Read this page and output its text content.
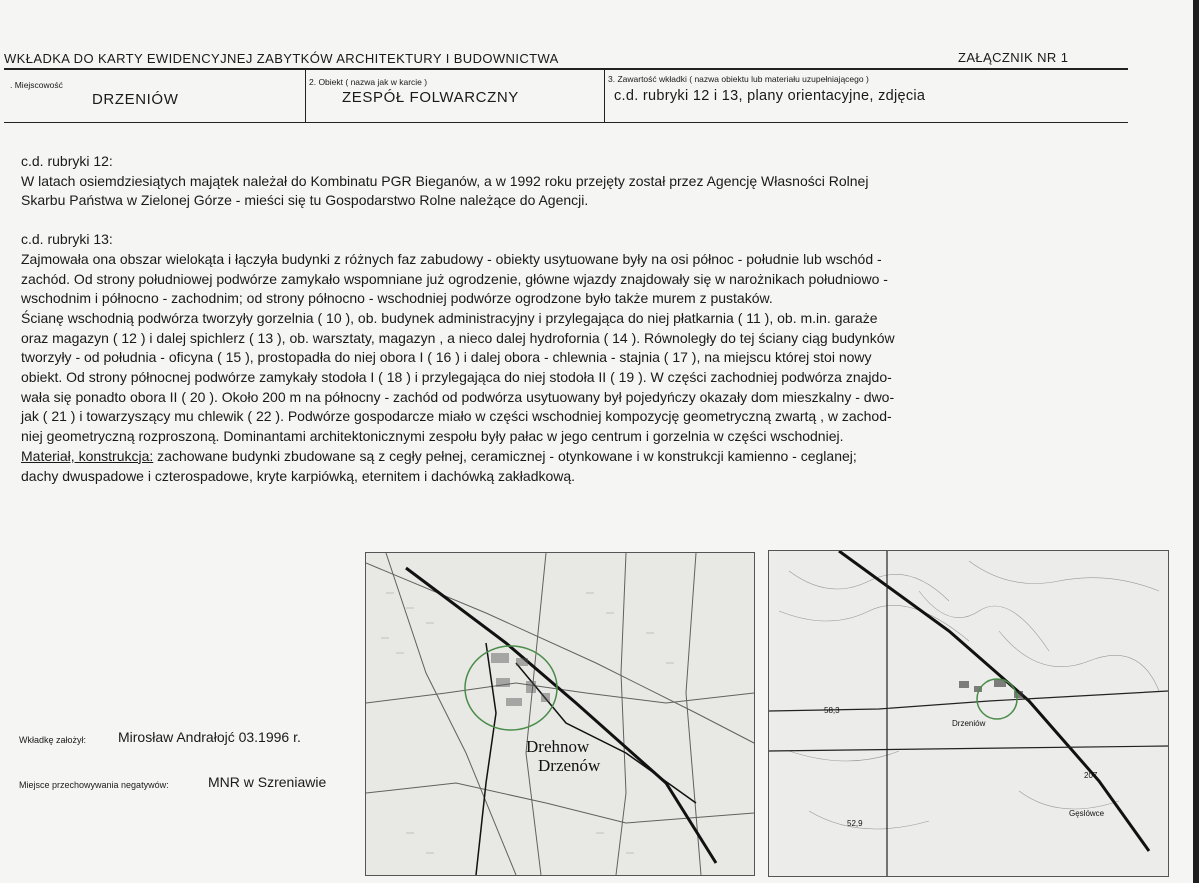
WKŁADKA DO KARTY EWIDENCYJNEJ ZABYTKÓW ARCHITEKTURY I BUDOWNICTWA	ZAŁĄCZNIK NR 1
. Miejscowość
DRZENIÓW
2. Obiekt ( nazwa jak w karcie )
ZESPÓŁ FOLWARCZNY
3. Zawartość wkładki ( nazwa obiektu lub materiału uzupełniającego )
c.d. rubryki 12 i 13, plany orientacyjne, zdjęcia

c.d. rubryki 12:

W latach osiemdziesiątych majątek należał do Kombinatu PGR Bieganów, a w 1992 roku przejęty został przez Agencję Własności Rolnej

Skarbu Państwa w Zielonej Górze - mieści się tu Gospodarstwo Rolne należące do Agencji.

c.d. rubryki 13:

Zajmowała ona obszar wielokąta i łączyła budynki z różnych faz zabudowy - obiekty usytuowane były na osi północ - południe lub wschód -

zachód. Od strony południowej podwórze zamykało wspomniane już ogrodzenie, główne wjazdy znajdowały się w narożnikach południowo -

wschodnim i północno - zachodnim; od strony północno - wschodniej podwórze ogrodzone było także murem z pustaków.

Ścianę wschodnią podwórza tworzyły gorzelnia ( 10 ), ob. budynek administracyjny i przylegająca do niej płatkarnia ( 11 ), ob. m.in. garaże

oraz magazyn ( 12 ) i dalej spichlerz ( 13 ), ob. warsztaty, magazyn , a nieco dalej hydrofornia ( 14 ). Równoległy do tej ściany ciąg budynków

tworzyły - od południa - oficyna ( 15 ), prostopadła do niej obora I ( 16 ) i dalej obora - chlewnia - stajnia ( 17 ), na miejscu której stoi nowy

obiekt. Od strony północnej podwórze zamykały stodoła I ( 18 ) i przylegająca do niej stodoła II ( 19 ). W części zachodniej podwórza znajdo-

wała się ponadto obora II ( 20 ). Około 200 m na północny - zachód od podwórza usytuowany był pojedyńczy okazały dom mieszkalny - dwo-

jak ( 21 ) i towarzyszący mu chlewik ( 22 ). Podwórze gospodarcze miało w części wschodniej kompozycję geometryczną zwartą , w zachod-

niej geometryczną rozproszoną. Dominantami architektonicznymi zespołu były pałac w jego centrum i gorzelnia w części wschodniej.

Materiał, konstrukcja: zachowane budynki zbudowane są z cegły pełnej, ceramicznej - otynkowane i w konstrukcji kamienno - ceglanej;

dachy dwuspadowe i czterospadowe, kryte karpiówką, eternitem i dachówką zakładkową.

Wkładkę założył: Mirosław Andrałojć 03.1996 r.
Miejsce przechowywania negatywów:	MNR w Szreniawie
Drehnow
Drzenów
Drzeniów
Gęslówce
58,3
207
52,9
